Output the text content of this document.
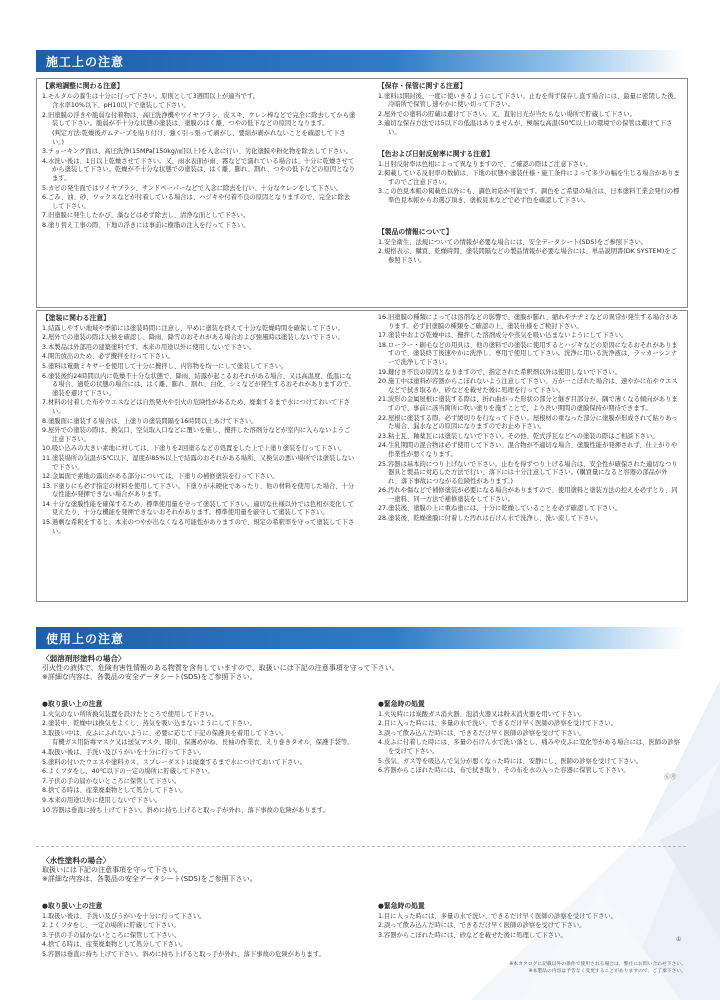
施工上の注意
【素地調整に関わる注意】
1.モルタルの養生は十分に行って下さい。原則として3週間以上が適当です。
含水率10%以下、pH10以下で塗装して下さい。
2.旧塗膜の浮きや脆弱な付着物は、高圧洗浄機やワイヤブラシ、皮スキ、ケレン棒などで完全に除去してから塗装して下さい。脆弱が不十分な状態の塗装は、塗膜のはく離、つやの低下などの原因となります。
(判定方法:乾燥後ガムテープを貼り付け、強く引っ張って剥がし、要綿が剥がれないことを確認して下さい。)
3.チョーキング面は、高圧洗浄(15MPa[150kg/㎠]以上)を入念に行い、劣化塗膜や粉化物を除去して下さい。
4.水洗い後は、1日以上乾燥させて下さい。又、雨水表面が雨、霧などで濡れている場合は、十分に乾燥させてから塗装して下さい。乾燥が不十分な状態での塗装は、はく離、膨れ、割れ、つやの低下などの原因となります。
5.カビの発生面ではワイヤブラシ、サンドペーパーなどで入念に除去を行い、十分なケレンをして下さい。
6.ごみ、油、砂、ワックスなどが付着している場合は、ハジキや付着不良の原因となりますので、完全に除去して下さい。
7.旧塗膜に発生したかび、藻などは必ず除去し、清浄な面として下さい。
8.塗り替え工事の際、下地の浮きには事前に樹脂の注入を行って下さい。
【保存・保管に関する注意】
1.塗料は開封後、一度に使いきるようにして下さい。止むを得ず保存し直す場合には、最量に密閉した後、冷暗所で保管し速やかに使い切って下さい。
2.屋外での塗料の貯蔵は避けて下さい。又、直射日光が当たらない場所で貯蔵して下さい。
3.適切な保存方法では5以下の低温はありませんが、極端な高温(50℃以上)の環境での保管は避けて下さい。
【色および日射反射率に関する注意】
1.日射反射率は色相によって異なりますので、ご確認の際はご注意下さい。
2.掲載している反射率の数値は、下地の状態や塗装仕様・施工条件によって多少の幅を生じる場合がありますのでご注意下さい。
3.この色見本帳の掲載色以外にも、調色対応が可能です。調色をご希望の場合は、日本塗料工業会発行の標準色見本帳からお選び頂き、塗板見本などで必ず色を確認して下さい。
【製品の情報について】
1.安全衛生、法規についての情報が必要な場合には、安全データシート(SDS)をご参照下さい。
2.規格表示、購買、乾燥時間、塗装間隔などの製品情報が必要な場合には、単品説明書(DK SYSTEM)をご参照下さい。
【塗装に関わる注意】
1.結露しやすい地域や季節には塗装時間に注意し、早めに塗装を終えて十分な乾燥時間を確保して下さい。
2.屋外での塗装の際は天候を確認し、降雨、降雪のおそれがある場合および強風時は塗装しないで下さい。
3.本製品は外部用の建築塗料です。本来の用途以外に使用しないで下さい。
4.開缶放出のため、必ず攪拌を行って下さい。
5.塗料は電動ミキサーを使用して十分に攪拌し、内容物を均一にして塗装して下さい。
6.塗装後約24時間以内に乾燥不十分な状態で、降雨、結露が起こるおそれがある場合、又は高温度、低温になる場合、過乾の状態の場合には、はく離、膨れ、割れ、白化、シミなどが発生するおそれがありますので、塗装を避けて下さい。
7.材料の付着した布やウエスなどは自然発火や引火の危険性があるため、廃棄するまで水につけておいて下さい。
8.塗膜面に塗装する場合は、上塗りの塗装間隔を16時間以上あけて下さい。
9.屋外での塗装の際は、換気口、空気取入口などに覆いを施し、攪拌した溶剤分などが室内に入らないようご注意下さい。
10.吸い込みの大きい素地に対しては、下塗りを2回塗るなどの処置をした上で上塗り塗装を行って下さい。
11.塗装場所の気温が5℃以下、湿度が85%以上で結露のおそれがある場所、又換気の悪い場所では塗装しないで下さい。
12.金属面で素地の露出がある部分については、下塗りの補修塗装を行って下さい。
13.下塗りにも必ず指定の材料を使用して下さい。下塗りが未硬化であったり、他の材料を使用した場合、十分な性能が発揮できない場合があります。
14.十分な塗膜性能を確保するため、標準使用量を守って塗装して下さい。適切な仕様以外では色相が変化して見えたり、十分な機能を発揮できないおそれがあります。標準使用量を厳守して塗装して下さい。
15.過剰な希釈をすると、本来のつやが出なくなる可能性がありますので、規定の希釈率を守って塗装して下さい。
16.旧塗膜の種類によっては溶剤などの影響で、塗膜が膨れ、縮れやチヂミなどの異常が発生する場合があります。必ず旧塗膜の種類をご確認の上、塗装仕様をご検討下さい。
17.塗装中および乾燥中は、攪拌した溶剤成分や蒸気を吸い込まないようにして下さい。
18.ローラー・刷毛などの用具は、他の塗料での塗装に使用するとハジキなどの原因になるおそれがありますので、塗装終了後速やかに洗浄し、専用で使用して下さい。洗浄に用いる洗浄液は、ラッカーシンナーで洗浄して下さい。
19.鍵付き不良の原因となりますので、指定された希釈剤以外は使用しないで下さい。
20.施工中は塗料が容器からこぼれないよう注意して下さい。万が一こぼれた場合は、速やかに布やウエスなどで拭き取るか、砂などを載せた後に処理を行って下さい。
21.波形の金属屋根に塗装する際は、折れ曲がった形状の部分と継ぎ目部分が、隅で薄くなる傾向がありますので、事前に該当箇所に吹い塗りを施すことで、より長い期間の塗膜保持が期待できます。
22.屋根に塗装する際、必ず緩切りを行なって下さい。屋根材の重なった部分に塗膜が形成されて貼りあった場合、漏水などの原因になりますのでお止め下さい。
23.粘土瓦、釉薬瓦には塗装しないで下さい。その他、乾式浮瓦などへの塗装の際はご相談下さい。
24.生乳期間の混合物は必ず使用して下さい。混合物が不適切な場合、塗膜性能が発揮されず、仕上がりや作業性が悪くなります。
25.容器は基本的につり上げないで下さい。止むを得ずつり上げる場合は、安全性が確保された適切なつり器具と製品に対応した方法で行い、落下には十分注意して下さい。(購買量になると容器の部品が外れ、落下事故につながる危険性があります。)
26.汚れや傷などで補修塗装が必要になる場合がありますので、使用塗料と塗装方法の控えを必ずとり、同一塗料、同一方法で補修塗装をして下さい。
27.塗装後、塗膜の上に重ね塗には、十分に乾燥していることを必ず確認して下さい。
28.塗装後、乾燥塗膜に付着した汚れは石けん水で洗浄し、洗い流して下さい。
使用上の注意
〈弱溶剤形塗料の場合〉
引火性の液体で、危険有害性情報のある物質を含有していますので、取扱いには下記の注意事項を守って下さい。
※詳細な内容は、各製品の安全データシート(SDS)をご参照下さい。
●取り扱い上の注意
1.火気のない所所換気装置を設けたところで使用して下さい。
2.塗装中、乾燥中は換気をよくし、蒸気を吸い込まないようにして下さい。
3.取扱い中は、皮ふにふれないように、必要に応じて下記の保護具を着用して下さい。
有機ガス用防毒マスク又は送気マスク、眼巾、保護めがね、長袖の作業衣、えり巻きタオル、保護手袋等。
4.取扱い後は、手洗い及びうがいを十分に行って下さい。
5.塗料の付いたウエスや塗料カス、スプレーダストは廃棄するまで水につけておいて下さい。
6.よくフタをし、40℃以下の一定の場所に貯蔵して下さい。
7.子供の手の届かないところに保管して下さい。
8.捨てる時は、産業廃棄物として処分して下さい。
9.本来の用途以外に使用しないで下さい。
10.容器は垂直に持ち上げて下さい。斜めに持ち上げると取っ手が外れ、落下事故の危険があります。
●緊急時の処置
1.火災時には炭酸ガス消火器、泡消火器又は粉末消火器を用いて下さい。
2.目に入った時には、多量の水で洗い、できるだけ早く医師の診察を受けて下さい。
3.誤って飲み込んだ時には、できるだけ早く医師の診察を受けて下さい。
4.皮ふに付着した時には、多量の石けん水で洗い落とし、痛みや皮ふに変化等がある場合には、医師の診察を受けて下さい。
5.蒸気、ガス等を吸込んで気分が悪くなった時には、安静にし、医師の診察を受けて下さい。
6.容器からこぼれた時には、布で拭き取り、その布を水の入った容器に保管して下さい。
㊄㊊
〈水性塗料の場合〉
取扱いには下記の注意事項を守って下さい。
※詳細な内容は、各製品の安全データシート(SDS)をご参照下さい。
●取り扱い上の注意
1.取扱い後は、手洗い及びうがいを十分に行って下さい。
2.よくフタをし、一定の場所に貯蔵して下さい。
3.子供の手の届かないところに保管して下さい。
4.捨てる時は、産業廃棄物として処分して下さい。
5.容器は垂直に持ち上げて下さい。斜めに持ち上げると取っ手が外れ、落下事故の危険があります。
●緊急時の処置
1.目に入った時には、多量の水で洗い、できるだけ早く医師の診察を受けて下さい。
2.誤って飲み込んだ時には、できるだけ早く医師の診察を受けて下さい。
3.容器からこぼれた時には、砂などを載せた後に処理して下さい。
①
※本カタログに記載以外の条件で使用される場合は、弊社にお問い合わせ下さい。
※本製品の内容は予告なく変更することがありますので、ご了承下さい。
